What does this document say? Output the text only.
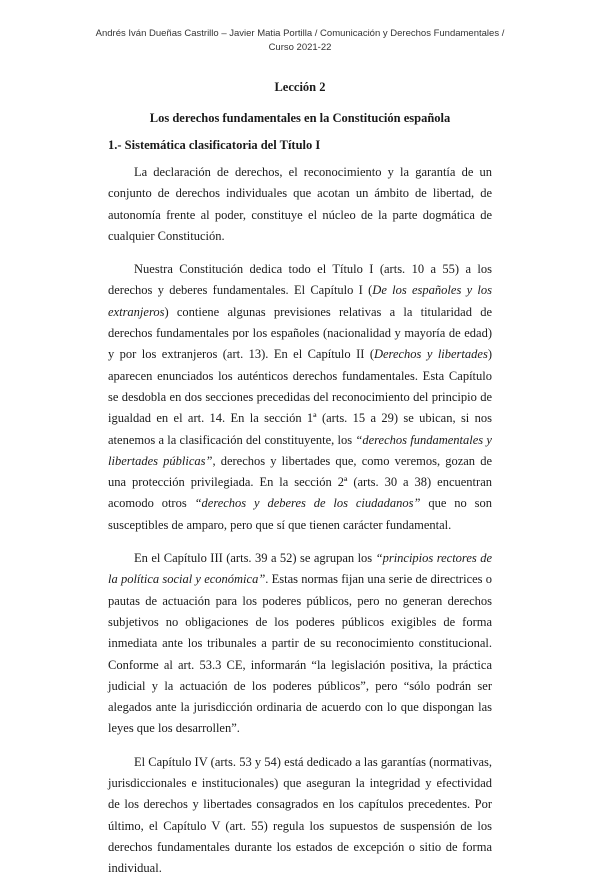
Andrés Iván Dueñas Castrillo – Javier Matia Portilla / Comunicación y Derechos Fundamentales /
Curso 2021-22
Lección 2
Los derechos fundamentales en la Constitución española
1.- Sistemática clasificatoria del Título I

La declaración de derechos, el reconocimiento y la garantía de un conjunto de derechos individuales que acotan un ámbito de libertad, de autonomía frente al poder, constituye el núcleo de la parte dogmática de cualquier Constitución.

Nuestra Constitución dedica todo el Título I (arts. 10 a 55) a los derechos y deberes fundamentales. El Capítulo I (De los españoles y los extranjeros) contiene algunas previsiones relativas a la titularidad de derechos fundamentales por los españoles (nacionalidad y mayoría de edad) y por los extranjeros (art. 13). En el Capítulo II (Derechos y libertades) aparecen enunciados los auténticos derechos fundamentales. Esta Capítulo se desdobla en dos secciones precedidas del reconocimiento del principio de igualdad en el art. 14. En la sección 1ª (arts. 15 a 29) se ubican, si nos atenemos a la clasificación del constituyente, los “derechos fundamentales y libertades públicas”, derechos y libertades que, como veremos, gozan de una protección privilegiada. En la sección 2ª (arts. 30 a 38) encuentran acomodo otros “derechos y deberes de los ciudadanos” que no son susceptibles de amparo, pero que sí que tienen carácter fundamental.

En el Capítulo III (arts. 39 a 52) se agrupan los “principios rectores de la política social y económica”. Estas normas fijan una serie de directrices o pautas de actuación para los poderes públicos, pero no generan derechos subjetivos no obligaciones de los poderes públicos exigibles de forma inmediata ante los tribunales a partir de su reconocimiento constitucional. Conforme al art. 53.3 CE, informarán “la legislación positiva, la práctica judicial y la actuación de los poderes públicos”, pero “sólo podrán ser alegados ante la jurisdicción ordinaria de acuerdo con lo que dispongan las leyes que los desarrollen”.

El Capítulo IV (arts. 53 y 54) está dedicado a las garantías (normativas, jurisdiccionales e institucionales) que aseguran la integridad y efectividad de los derechos y libertades consagrados en los capítulos precedentes. Por último, el Capítulo V (art. 55) regula los supuestos de suspensión de los derechos fundamentales durante los estados de excepción o sitio de forma individual.
